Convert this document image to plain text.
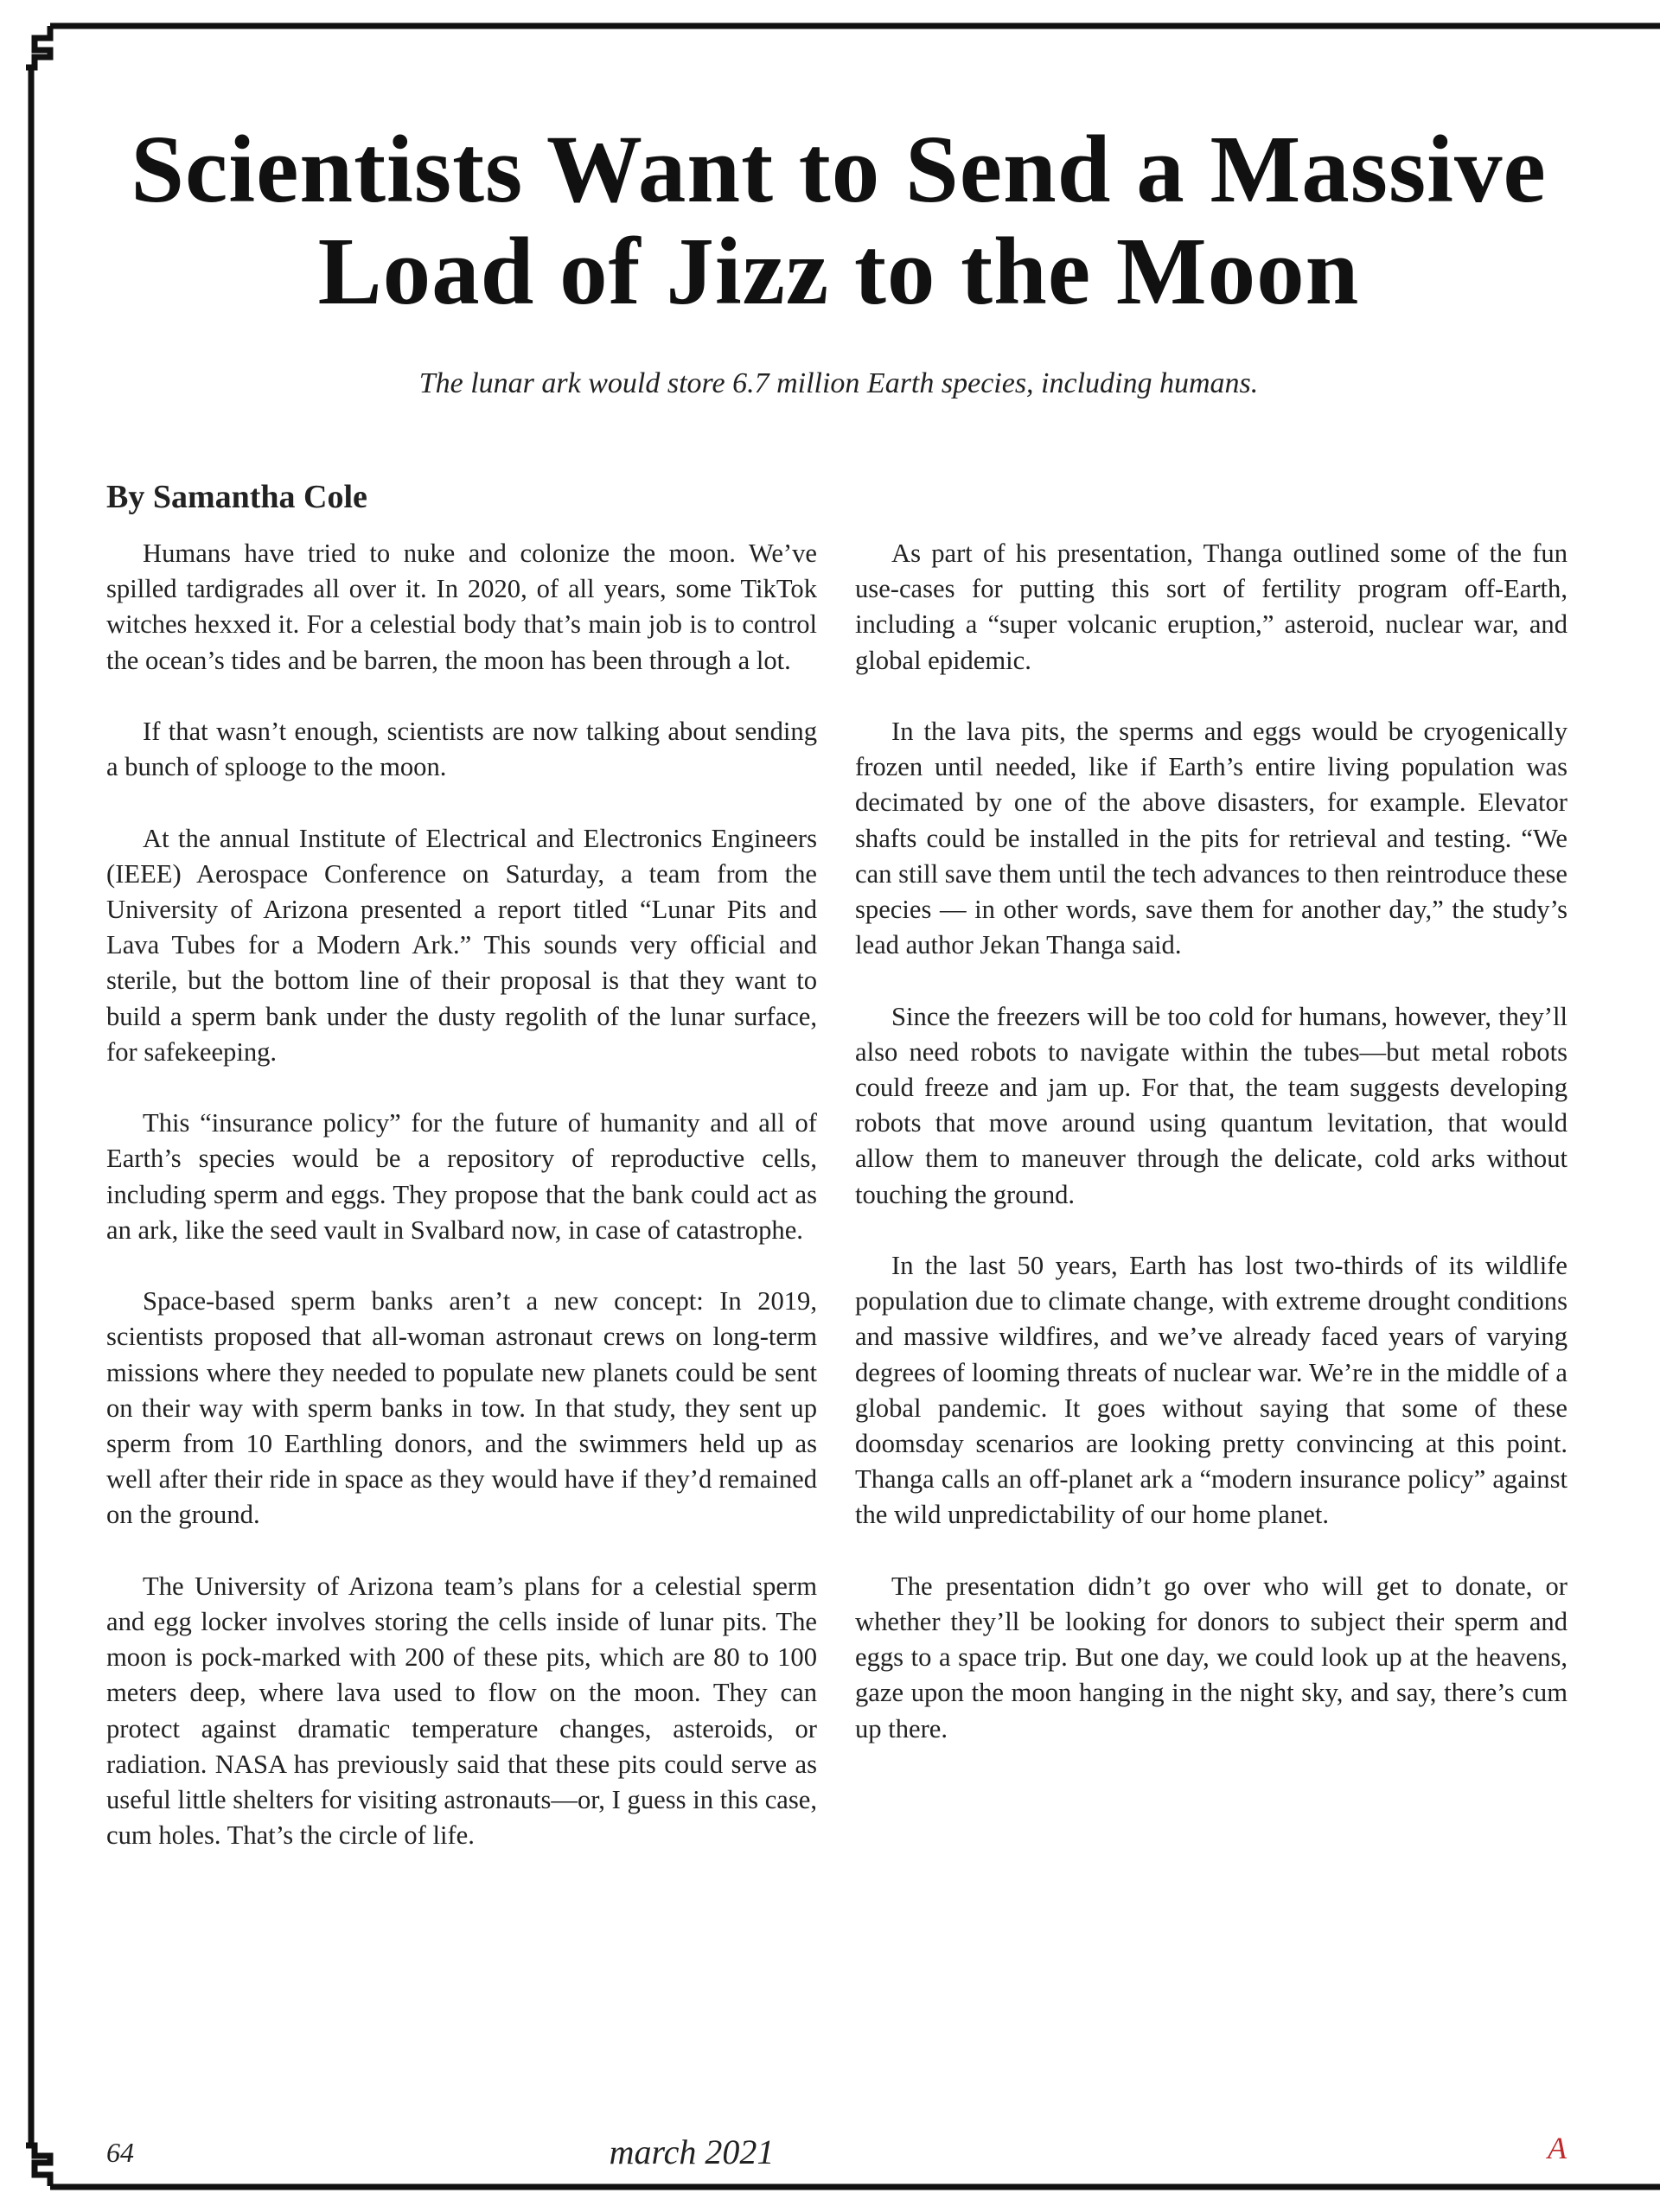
Scientists Want to Send a Massive
Load of Jizz to the Moon
The lunar ark would store 6.7 million Earth species, including humans.
By Samantha Cole

Humans have tried to nuke and colonize the moon. We’ve spilled tardigrades all over it. In 2020, of all years, some TikTok witches hexxed it. For a celestial body that’s main job is to control the ocean’s tides and be barren, the moon has been through a lot.

If that wasn’t enough, scientists are now talking about sending a bunch of splooge to the moon.

At the annual Institute of Electrical and Electronics Engineers (IEEE) Aerospace Conference on Saturday, a team from the University of Arizona presented a report titled “Lunar Pits and Lava Tubes for a Modern Ark.” This sounds very official and sterile, but the bottom line of their proposal is that they want to build a sperm bank under the dusty regolith of the lunar surface, for safekeeping.

This “insurance policy” for the future of humanity and all of Earth’s species would be a repository of reproductive cells, including sperm and eggs. They propose that the bank could act as an ark, like the seed vault in Svalbard now, in case of catastrophe.

Space-based sperm banks aren’t a new concept: In 2019, scientists proposed that all-woman astronaut crews on long-term missions where they needed to populate new planets could be sent on their way with sperm banks in tow. In that study, they sent up sperm from 10 Earthling donors, and the swimmers held up as well after their ride in space as they would have if they’d remained on the ground.

The University of Arizona team’s plans for a celestial sperm and egg locker involves storing the cells inside of lunar pits. The moon is pock-marked with 200 of these pits, which are 80 to 100 meters deep, where lava used to flow on the moon. They can protect against dramatic temperature changes, asteroids, or radiation. NASA has previously said that these pits could serve as useful little shelters for visiting astronauts—or, I guess in this case, cum holes. That’s the circle of life.

As part of his presentation, Thanga outlined some of the fun use-cases for putting this sort of fertility program off-Earth, including a “super volcanic eruption,” asteroid, nuclear war, and global epidemic.

In the lava pits, the sperms and eggs would be cryogenically frozen until needed, like if Earth’s entire living population was decimated by one of the above disasters, for example. Elevator shafts could be installed in the pits for retrieval and testing. “We can still save them until the tech advances to then reintroduce these species — in other words, save them for another day,” the study’s lead author Jekan Thanga said.

Since the freezers will be too cold for humans, however, they’ll also need robots to navigate within the tubes—but metal robots could freeze and jam up. For that, the team suggests developing robots that move around using quantum levitation, that would allow them to maneuver through the delicate, cold arks without touching the ground.

In the last 50 years, Earth has lost two-thirds of its wildlife population due to climate change, with extreme drought conditions and massive wildfires, and we’ve already faced years of varying degrees of looming threats of nuclear war. We’re in the middle of a global pandemic. It goes without saying that some of these doomsday scenarios are looking pretty convincing at this point. Thanga calls an off-planet ark a “modern insurance policy” against the wild unpredictability of our home planet.

The presentation didn’t go over who will get to donate, or whether they’ll be looking for donors to subject their sperm and eggs to a space trip. But one day, we could look up at the heavens, gaze upon the moon hanging in the night sky, and say, there’s cum up there.

64	march 2021	A
